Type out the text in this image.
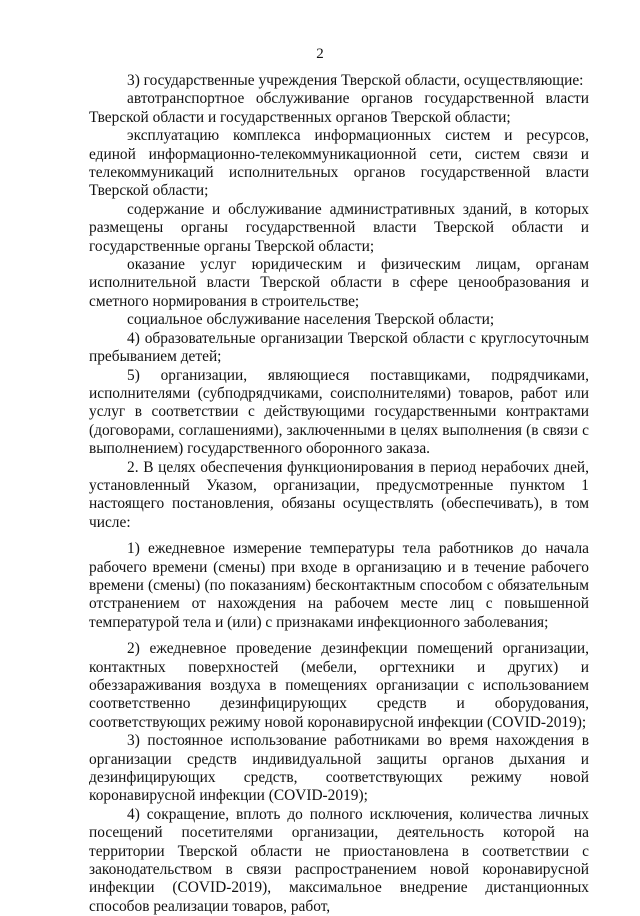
2

3) государственные учреждения Тверской области, осуществляющие:

автотранспортное обслуживание органов государственной власти Тверской области и государственных органов Тверской области;

эксплуатацию комплекса информационных систем и ресурсов, единой информационно-телекоммуникационной сети, систем связи и телекоммуникаций исполнительных органов государственной власти Тверской области;

содержание и обслуживание административных зданий, в которых размещены органы государственной власти Тверской области и государственные органы Тверской области;

оказание услуг юридическим и физическим лицам, органам исполнительной власти Тверской области в сфере ценообразования и сметного нормирования в строительстве;

социальное обслуживание населения Тверской области;

4) образовательные организации Тверской области с круглосуточным пребыванием детей;

5) организации, являющиеся поставщиками, подрядчиками, исполнителями (субподрядчиками, соисполнителями) товаров, работ или услуг в соответствии с действующими государственными контрактами (договорами, соглашениями), заключенными в целях выполнения (в связи с выполнением) государственного оборонного заказа.

2. В целях обеспечения функционирования в период нерабочих дней, установленный Указом, организации, предусмотренные пунктом 1 настоящего постановления, обязаны осуществлять (обеспечивать), в том числе:

1) ежедневное измерение температуры тела работников до начала рабочего времени (смены) при входе в организацию и в течение рабочего времени (смены) (по показаниям) бесконтактным способом с обязательным отстранением от нахождения на рабочем месте лиц с повышенной температурой тела и (или) с признаками инфекционного заболевания;

2) ежедневное проведение дезинфекции помещений организации, контактных поверхностей (мебели, оргтехники и других) и обеззараживания воздуха в помещениях организации с использованием соответственно дезинфицирующих средств и оборудования, соответствующих режиму новой коронавирусной инфекции (COVID-2019);

3) постоянное использование работниками во время нахождения в организации средств индивидуальной защиты органов дыхания и дезинфицирующих средств, соответствующих режиму новой коронавирусной инфекции (COVID-2019);

4) сокращение, вплоть до полного исключения, количества личных посещений посетителями организации, деятельность которой на территории Тверской области не приостановлена в соответствии с законодательством в связи распространением новой коронавирусной инфекции (COVID-2019), максимальное внедрение дистанционных способов реализации товаров, работ,
